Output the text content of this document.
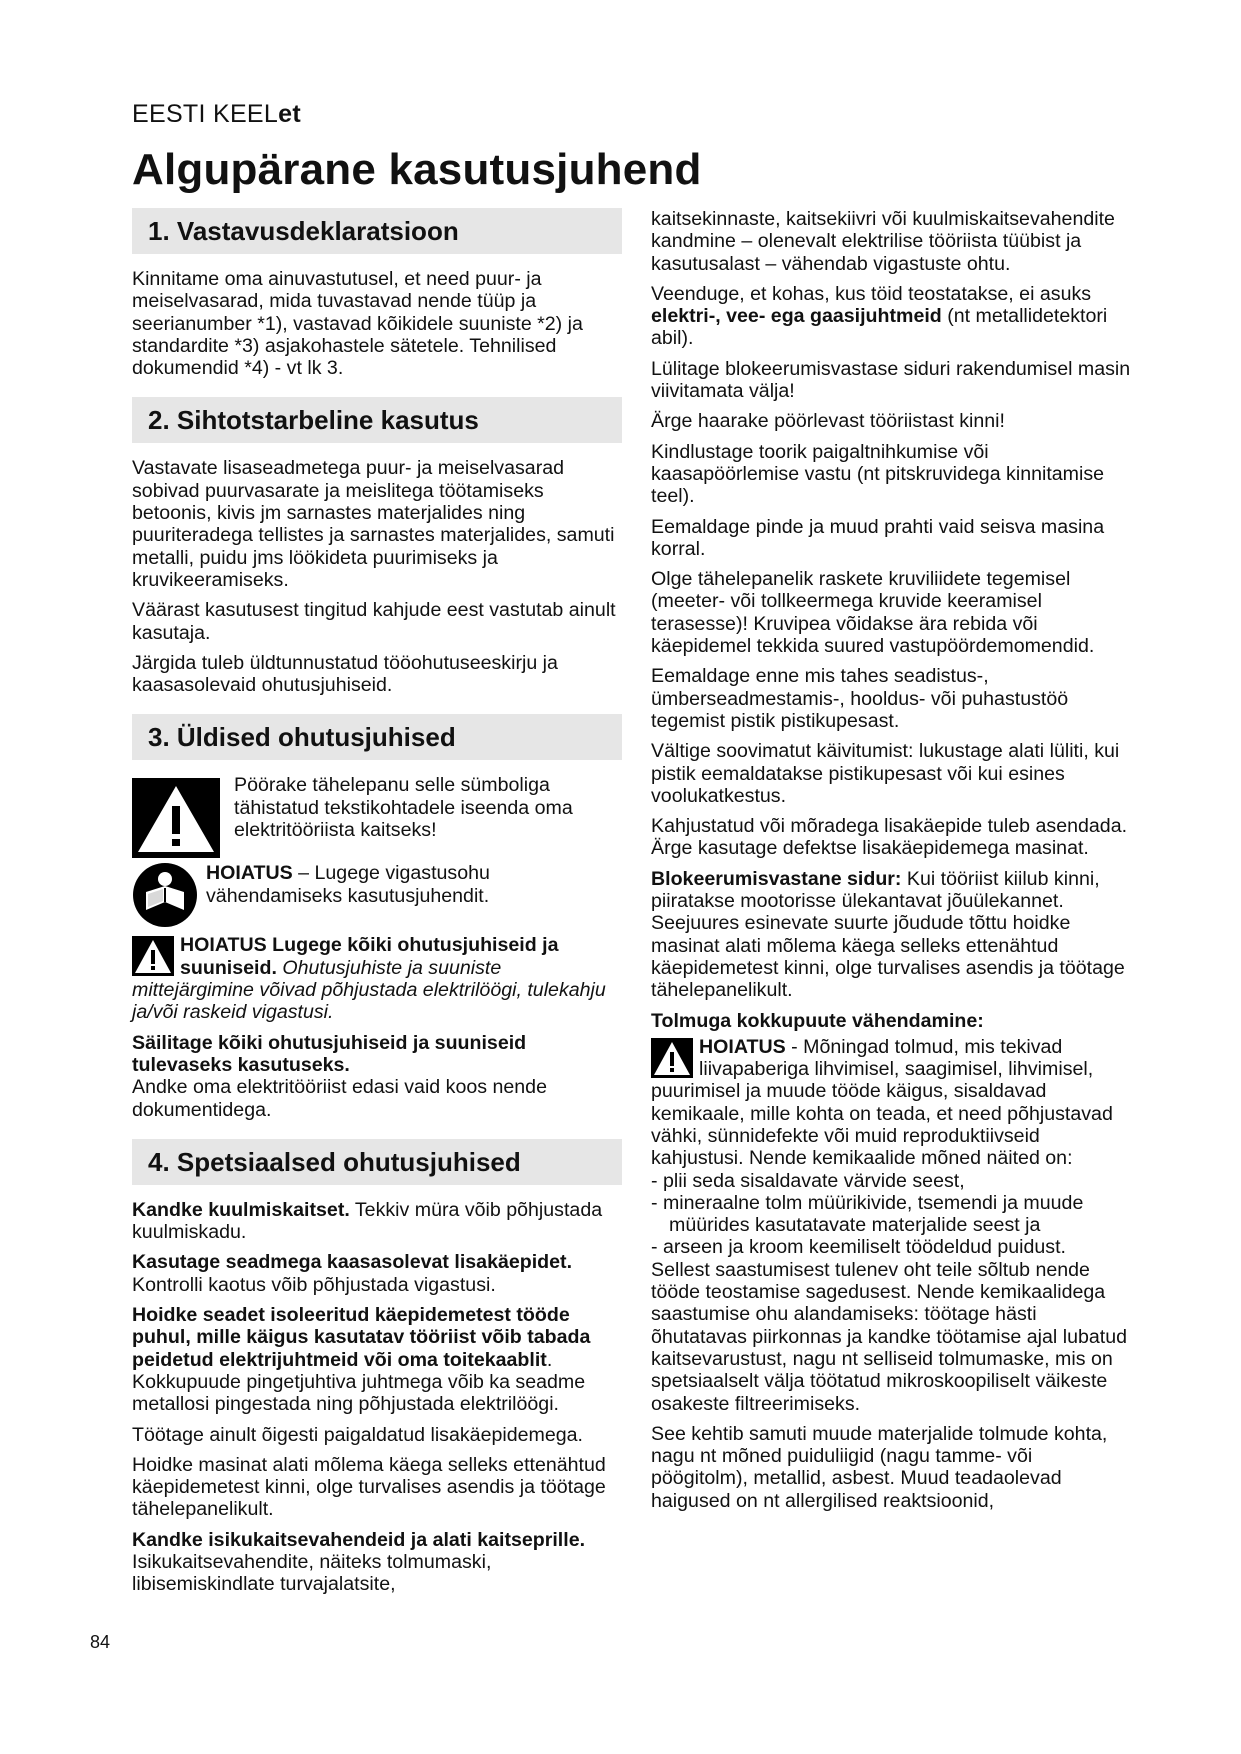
EESTI KEELet
Algupärane kasutusjuhend
1. Vastavusdeklaratsioon

Kinnitame oma ainuvastutusel, et need puur- ja meiselvasarad, mida tuvastavad nende tüüp ja seerianumber *1), vastavad kõikidele suuniste *2) ja standardite *3) asjakohastele sätetele. Tehnilised dokumendid *4) - vt lk 3.

2. Sihtotstarbeline kasutus

Vastavate lisaseadmetega puur- ja meiselvasarad sobivad puurvasarate ja meislitega töötamiseks betoonis, kivis jm sarnastes materjalides ning puuriteradega tellistes ja sarnastes materjalides, samuti metalli, puidu jms löökideta puurimiseks ja kruvikeeramiseks.

Väärast kasutusest tingitud kahjude eest vastutab ainult kasutaja.

Järgida tuleb üldtunnustatud tööohutuseeskirju ja kaasasolevaid ohutusjuhiseid.

3. Üldised ohutusjuhised

Pöörake tähelepanu selle sümboliga tähistatud tekstikohtadele iseenda oma elektritööriista kaitseks!

HOIATUS – Lugege vigastusohu vähendamiseks kasutusjuhendit.

HOIATUS Lugege kõiki ohutusjuhiseid ja suuniseid. Ohutusjuhiste ja suuniste mittejärgimine võivad põhjustada elektrilöögi, tulekahju ja/või raskeid vigastusi.

Säilitage kõiki ohutusjuhiseid ja suuniseid tulevaseks kasutuseks.

Andke oma elektritööriist edasi vaid koos nende dokumentidega.

4. Spetsiaalsed ohutusjuhised

Kandke kuulmiskaitset. Tekkiv müra võib põhjustada kuulmiskadu.

Kasutage seadmega kaasasolevat lisakäepidet. Kontrolli kaotus võib põhjustada vigastusi.

Hoidke seadet isoleeritud käepidemetest tööde puhul, mille käigus kasutatav tööriist võib tabada peidetud elektrijuhtmeid või oma toitekaablit. Kokkupuude pingetjuhtiva juhtmega võib ka seadme metallosi pingestada ning põhjustada elektrilöögi.

Töötage ainult õigesti paigaldatud lisakäepidemega.

Hoidke masinat alati mõlema käega selleks ettenähtud käepidemetest kinni, olge turvalises asendis ja töötage tähelepanelikult.

Kandke isikukaitsevahendeid ja alati kaitseprille. Isikukaitsevahendite, näiteks tolmumaski, libisemiskindlate turvajalatsite,

kaitsekinnaste, kaitsekiivri või kuulmiskaitsevahendite kandmine – olenevalt elektrilise tööriista tüübist ja kasutusalast – vähendab vigastuste ohtu.

Veenduge, et kohas, kus töid teostatakse, ei asuks elektri-, vee- ega gaasijuhtmeid (nt metallidetektori abil).

Lülitage blokeerumisvastase siduri rakendumisel masin viivitamata välja!

Ärge haarake pöörlevast tööriistast kinni!

Kindlustage toorik paigaltnihkumise või kaasapöörlemise vastu (nt pitskruvidega kinnitamise teel).

Eemaldage pinde ja muud prahti vaid seisva masina korral.

Olge tähelepanelik raskete kruviliidete tegemisel (meeter- või tollkeermega kruvide keeramisel terasesse)! Kruvipea võidakse ära rebida või käepidemel tekkida suured vastupöördemomendid.

Eemaldage enne mis tahes seadistus-, ümberseadmestamis-, hooldus- või puhastustöö tegemist pistik pistikupesast.

Vältige soovimatut käivitumist: lukustage alati lüliti, kui pistik eemaldatakse pistikupesast või kui esines voolukatkestus.

Kahjustatud või mõradega lisakäepide tuleb asendada. Ärge kasutage defektse lisakäepidemega masinat.

Blokeerumisvastane sidur: Kui tööriist kiilub kinni, piiratakse mootorisse ülekantavat jõuülekannet. Seejuures esinevate suurte jõudude tõttu hoidke masinat alati mõlema käega selleks ettenähtud käepidemetest kinni, olge turvalises asendis ja töötage tähelepanelikult.

Tolmuga kokkupuute vähendamine:

HOIATUS - Mõningad tolmud, mis tekivad liivapaberiga lihvimisel, saagimisel, lihvimisel, puurimisel ja muude tööde käigus, sisaldavad kemikaale, mille kohta on teada, et need põhjustavad vähki, sünnidefekte või muid reproduktiivseid kahjustusi. Nende kemikaalide mõned näited on:

- plii seda sisaldavate värvide seest,
- mineraalne tolm müürikivide, tsemendi ja muude
müürides kasutatavate materjalide seest ja
- arseen ja kroom keemiliselt töödeldud puidust.

Sellest saastumisest tulenev oht teile sõltub nende tööde teostamise sagedusest. Nende kemikaalidega saastumise ohu alandamiseks: töötage hästi õhutatavas piirkonnas ja kandke töötamise ajal lubatud kaitsevarustust, nagu nt selliseid tolmumaske, mis on spetsiaalselt välja töötatud mikroskoopiliselt väikeste osakeste filtreerimiseks.

See kehtib samuti muude materjalide tolmude kohta, nagu nt mõned puiduliigid (nagu tamme- või pöögitolm), metallid, asbest. Muud teadaolevad haigused on nt allergilised reaktsioonid,

84
